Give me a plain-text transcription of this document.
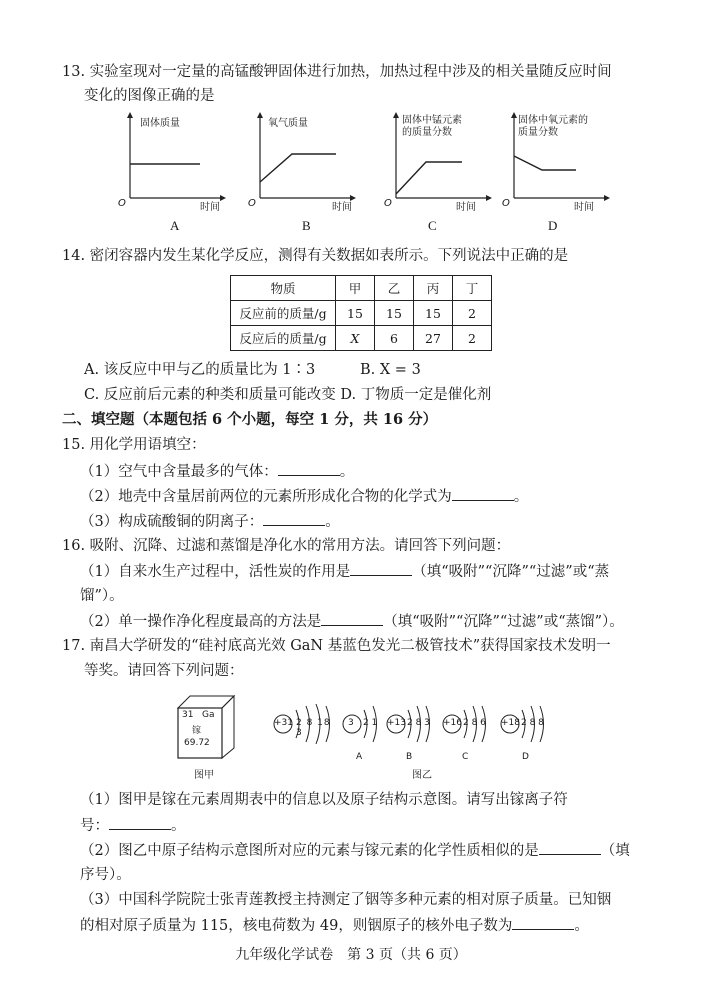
13. 实验室现对一定量的高锰酸钾固体进行加热，加热过程中涉及的相关量随反应时间
变化的图像正确的是
固体质量
时间
O
A
氧气质量
时间
O
B
固体中锰元素的质量分数
时间
O
C
固体中氧元素的质量分数
时间
O
D
14. 密闭容器内发生某化学反应，测得有关数据如表所示。下列说法中正确的是
物质	甲	乙	丙	丁
反应前的质量/g	15	15	15	2
反应后的质量/g	X	6	27	2
A. 该反应中甲与乙的质量比为 1∶3	B. X = 3
C. 反应前后元素的种类和质量可能改变 D. 丁物质一定是催化剂
二、填空题（本题包括 6 个小题，每空 1 分，共 16 分）
15. 用化学用语填空：
（1）空气中含量最多的气体：	。
（2）地壳中含量居前两位的元素所形成化合物的化学式为	。
（3）构成硫酸铜的阴离子：	。
16. 吸附、沉降、过滤和蒸馏是净化水的常用方法。请回答下列问题：
（1）自来水生产过程中，活性炭的作用是	（填“吸附”“沉降”“过滤”或“蒸
馏”）。
（2）单一操作净化程度最高的方法是	（填“吸附”“沉降”“过滤”或“蒸馏”）。
17. 南昌大学研发的“硅衬底高光效 GaN 基蓝色发光二极管技术”获得国家技术发明一
等奖。请回答下列问题：
31 Ga
镓
69.72
图甲
+31 2 8 18 3
3 2 1 +13 2 8 3 +16 2 8 6 +18 2 8 8
A	B	C	D
图乙
（1）图甲是镓在元素周期表中的信息以及原子结构示意图。请写出镓离子符
号：	。
（2）图乙中原子结构示意图所对应的元素与镓元素的化学性质相似的是	（填
序号）。
（3）中国科学院院士张青莲教授主持测定了铟等多种元素的相对原子质量。已知铟
的相对原子质量为 115，核电荷数为 49，则铟原子的核外电子数为	。
九年级化学试卷　第 3 页（共 6 页）
